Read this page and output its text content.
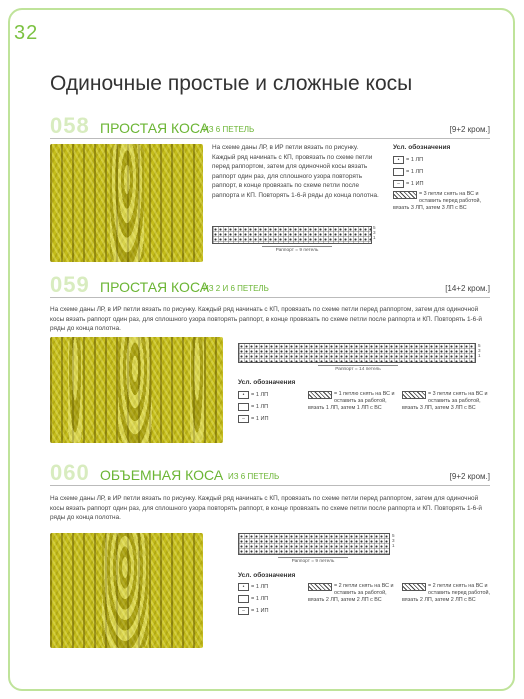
32
Одиночные простые и сложные косы
058 ПРОСТАЯ КОСА
ИЗ 6 ПЕТЕЛЬ	[9+2 кром.]
На схеме даны ЛР, в ИР петли вязать по рисунку. Каждый ряд начинать с КП, провязать по схеме петли перед раппортом, затем для одиночной косы вязать раппорт один раз, для сплошного узора повторять раппорт, в конце провязать по схеме петли после раппорта и КП. Повторять 1-6-й ряды до конца полотна.
Усл. обозначения
•
= 1 ЛП
= 1 ЛП
–
= 1 ИП
= 3 петли снять на ВС и оставить перед работой, вязать 3 ЛП, затем 3 ЛП с ВС
5
3
1
Раппорт = 9 петель
059 ПРОСТАЯ КОСА
ИЗ 2 И 6 ПЕТЕЛЬ	[14+2 кром.]
На схеме даны ЛР, в ИР петли вязать по рисунку. Каждый ряд начинать с КП, провязать по схеме петли перед раппортом, затем для одиночной косы вязать раппорт один раз, для сплошного узора повторять раппорт, в конце провязать по схеме петли после раппорта и КП. Повторять 1-6-й ряды до конца полотна.
5
3
1
Раппорт = 14 петель
Усл. обозначения
•
= 1 ЛП
= 1 ЛП
–
= 1 ИП
= 1 петлю снять на ВС и оставить за работой, вязать 1 ЛП, затем 1 ЛП с ВС
= 3 петли снять на ВС и оставить за работой, вязать 3 ЛП, затем 3 ЛП с ВС
060 ОБЪЕМНАЯ КОСА ИЗ 6 ПЕТЕЛЬ	[9+2 кром.]
На схеме даны ЛР, в ИР петли вязать по рисунку. Каждый ряд начинать с КП, провязать по схеме петли перед раппортом, затем для одиночной косы вязать раппорт один раз, для сплошного узора повторять раппорт, в конце провязать по схеме петли после раппорта и КП. Повторять 1-6-й ряды до конца полотна.
5
3
1
Раппорт = 9 петель
Усл. обозначения
•
= 1 ЛП
= 1 ЛП
–
= 1 ИП
= 2 петли снять на ВС и оставить за работой, вязать 2 ЛП, затем 2 ЛП с ВС
= 2 петли снять на ВС и оставить перед работой, вязать 2 ЛП, затем 2 ЛП с ВС
